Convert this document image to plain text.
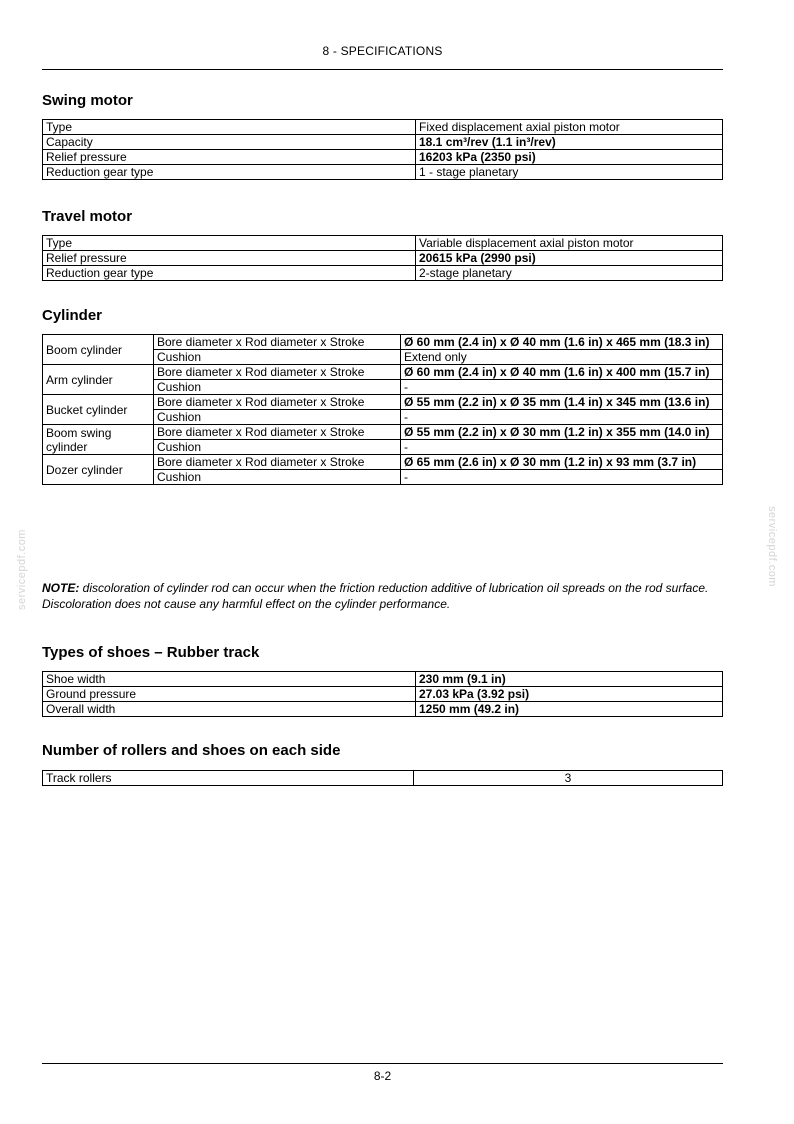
8 - SPECIFICATIONS
servicepdf.com	servicepdf.com
Swing motor
Type	Fixed displacement axial piston motor
Capacity	18.1 cm³/rev (1.1 in³/rev)
Relief pressure	16203 kPa (2350 psi)
Reduction gear type	1 - stage planetary
Travel motor
Type	Variable displacement axial piston motor
Relief pressure	20615 kPa (2990 psi)
Reduction gear type	2-stage planetary
Cylinder
Boom cylinder	Bore diameter x Rod diameter x Stroke	Ø 60 mm (2.4 in) x Ø 40 mm (1.6 in) x 465 mm (18.3 in)
	Cushion	Extend only
Arm cylinder	Bore diameter x Rod diameter x Stroke	Ø 60 mm (2.4 in) x Ø 40 mm (1.6 in) x 400 mm (15.7 in)
	Cushion	-
Bucket cylinder	Bore diameter x Rod diameter x Stroke	Ø 55 mm (2.2 in) x Ø 35 mm (1.4 in) x 345 mm (13.6 in)
	Cushion	-
Boom swing cylinder	Bore diameter x Rod diameter x Stroke	Ø 55 mm (2.2 in) x Ø 30 mm (1.2 in) x 355 mm (14.0 in)
	Cushion	-
Dozer cylinder	Bore diameter x Rod diameter x Stroke	Ø 65 mm (2.6 in) x Ø 30 mm (1.2 in) x 93 mm (3.7 in)
	Cushion	-
NOTE: discoloration of cylinder rod can occur when the friction reduction additive of lubrication oil spreads on the rod surface.
Discoloration does not cause any harmful effect on the cylinder performance.
Types of shoes – Rubber track
Shoe width	230 mm (9.1 in)
Ground pressure	27.03 kPa (3.92 psi)
Overall width	1250 mm (49.2 in)
Number of rollers and shoes on each side
Track rollers	3
8-2
